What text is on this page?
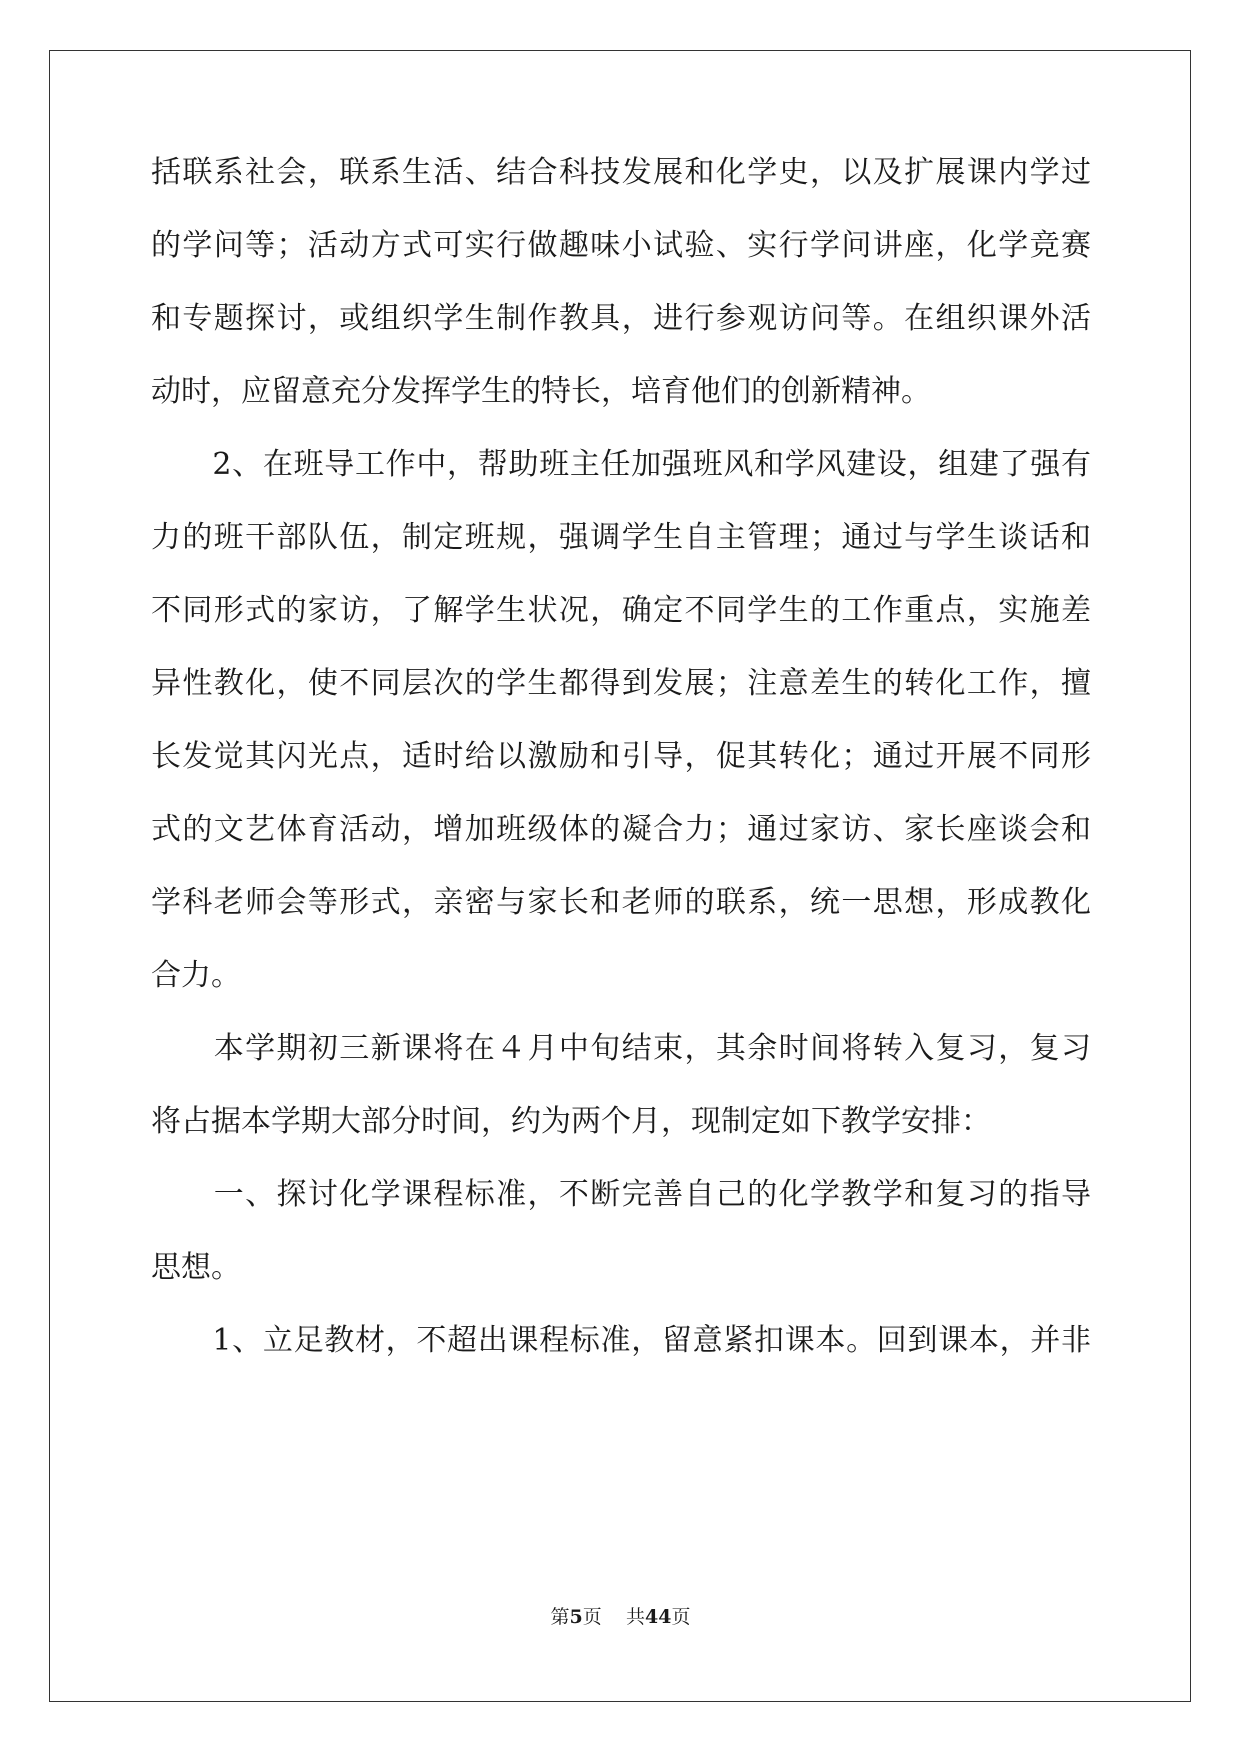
括联系社会，联系生活、结合科技发展和化学史，以及扩展课内学过
的学问等；活动方式可实行做趣味小试验、实行学问讲座，化学竞赛
和专题探讨，或组织学生制作教具，进行参观访问等。在组织课外活
动时，应留意充分发挥学生的特长，培育他们的创新精神。
　　2、在班导工作中，帮助班主任加强班风和学风建设，组建了强有
力的班干部队伍，制定班规，强调学生自主管理；通过与学生谈话和
不同形式的家访，了解学生状况，确定不同学生的工作重点，实施差
异性教化，使不同层次的学生都得到发展；注意差生的转化工作，擅
长发觉其闪光点，适时给以激励和引导，促其转化；通过开展不同形
式的文艺体育活动，增加班级体的凝合力；通过家访、家长座谈会和
学科老师会等形式，亲密与家长和老师的联系，统一思想，形成教化
合力。
　　本学期初三新课将在４月中旬结束，其余时间将转入复习，复习
将占据本学期大部分时间，约为两个月，现制定如下教学安排：
　　一、探讨化学课程标准，不断完善自己的化学教学和复习的指导
思想。
　　1、立足教材，不超出课程标准，留意紧扣课本。回到课本，并非
第5页 共44页
